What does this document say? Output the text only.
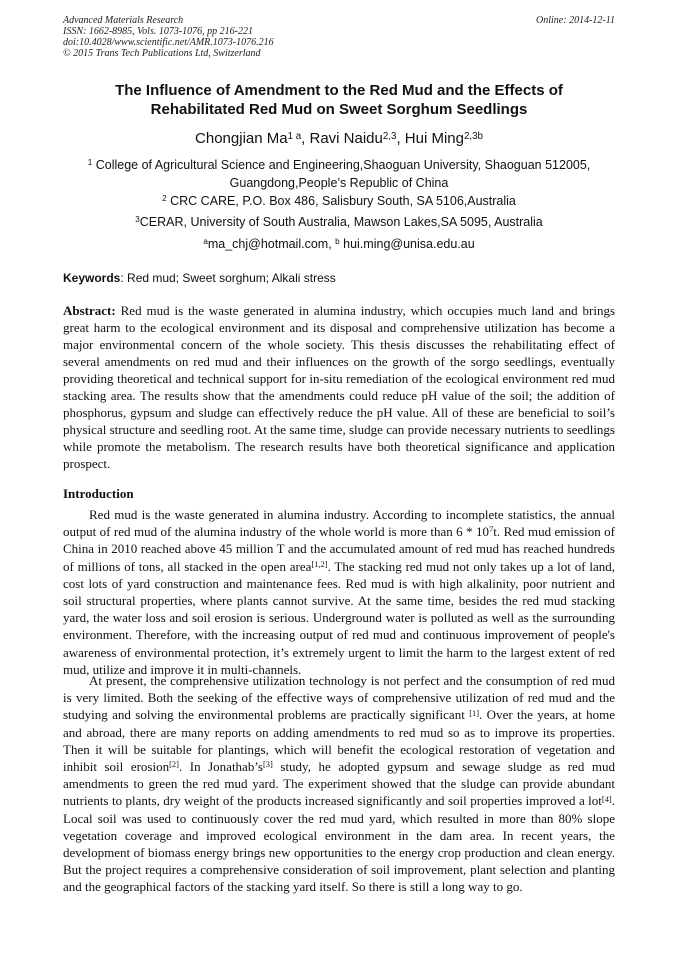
Advanced Materials Research
ISSN: 1662-8985, Vols. 1073-1076, pp 216-221
doi:10.4028/www.scientific.net/AMR.1073-1076.216
© 2015 Trans Tech Publications Ltd, Switzerland
Online: 2014-12-11
The Influence of Amendment to the Red Mud and the Effects of
Rehabilitated Red Mud on Sweet Sorghum Seedlings
Chongjian $Ma^{1 a}$, Ravi Naidu$^{2,3}$, Hui Ming$^{2,3b}$
$^1$ College of Agricultural Science and Engineering,Shaoguan University, Shaoguan 512005,
Guangdong,People’s Republic of China
$^2$ CRC CARE, P.O. Box 486, Salisbury South, SA 5106,Australia
$^3$CERAR, University of South Australia, Mawson Lakes,SA 5095, Australia
$^a$ma_chj@hotmail.com, $^b$ hui.ming@unisa.edu.au
Keywords: Red mud; Sweet sorghum; Alkali stress
Abstract: Red mud is the waste generated in alumina industry, which occupies much land and brings great harm to the ecological environment and its disposal and comprehensive utilization has become a major environmental concern of the whole society. This thesis discusses the rehabilitating effect of several amendments on red mud and their influences on the growth of the sorgo seedlings, eventually providing theoretical and technical support for in-situ remediation of the ecological environment red mud stacking area. The results show that the amendments could reduce pH value of the soil; the addition of phosphorus, gypsum and sludge can effectively reduce the pH value. All of these are beneficial to soil’s physical structure and seedling root. At the same time, sludge can provide necessary nutrients to seedlings while promote the metabolism. The research results have both theoretical significance and application prospect.
Introduction

Red mud is the waste generated in alumina industry. According to incomplete statistics, the annual output of red mud of the alumina industry of the whole world is more than $6 * 10^7t$. Red mud emission of China in 2010 reached above 45 million T and the accumulated amount of red mud has reached hundreds of millions of tons, all stacked in the open area[1,2]. The stacking red mud not only takes up a lot of land, cost lots of yard construction and maintenance fees. Red mud is with high alkalinity, poor nutrient and soil structural properties, where plants cannot survive. At the same time, besides the red mud stacking yard, the water loss and soil erosion is serious. Underground water is polluted as well as the surrounding environment. Therefore, with the increasing output of red mud and continuous improvement of people's awareness of environmental protection, it’s extremely urgent to limit the harm to the largest extent of red mud, utilize and improve it in multi-channels.

At present, the comprehensive utilization technology is not perfect and the consumption of red mud is very limited. Both the seeking of the effective ways of comprehensive utilization of red mud and the studying and solving the environmental problems are practically significant [1]. Over the years, at home and abroad, there are many reports on adding amendments to red mud so as to improve its properties. Then it will be suitable for plantings, which will benefit the ecological restoration of vegetation and inhibit soil erosion[2]. In Jonathab’s[3] study, he adopted gypsum and sewage sludge as red mud amendments to green the red mud yard. The experiment showed that the sludge can provide abundant nutrients to plants, dry weight of the products increased significantly and soil properties improved a lot[4]. Local soil was used to continuously cover the red mud yard, which resulted in more than 80% slope vegetation coverage and improved ecological environment in the dam area. In recent years, the development of biomass energy brings new opportunities to the energy crop production and clean energy. But the project requires a comprehensive consideration of soil improvement, plant selection and planting and the geographical factors of the stacking yard itself. So there is still a long way to go.
